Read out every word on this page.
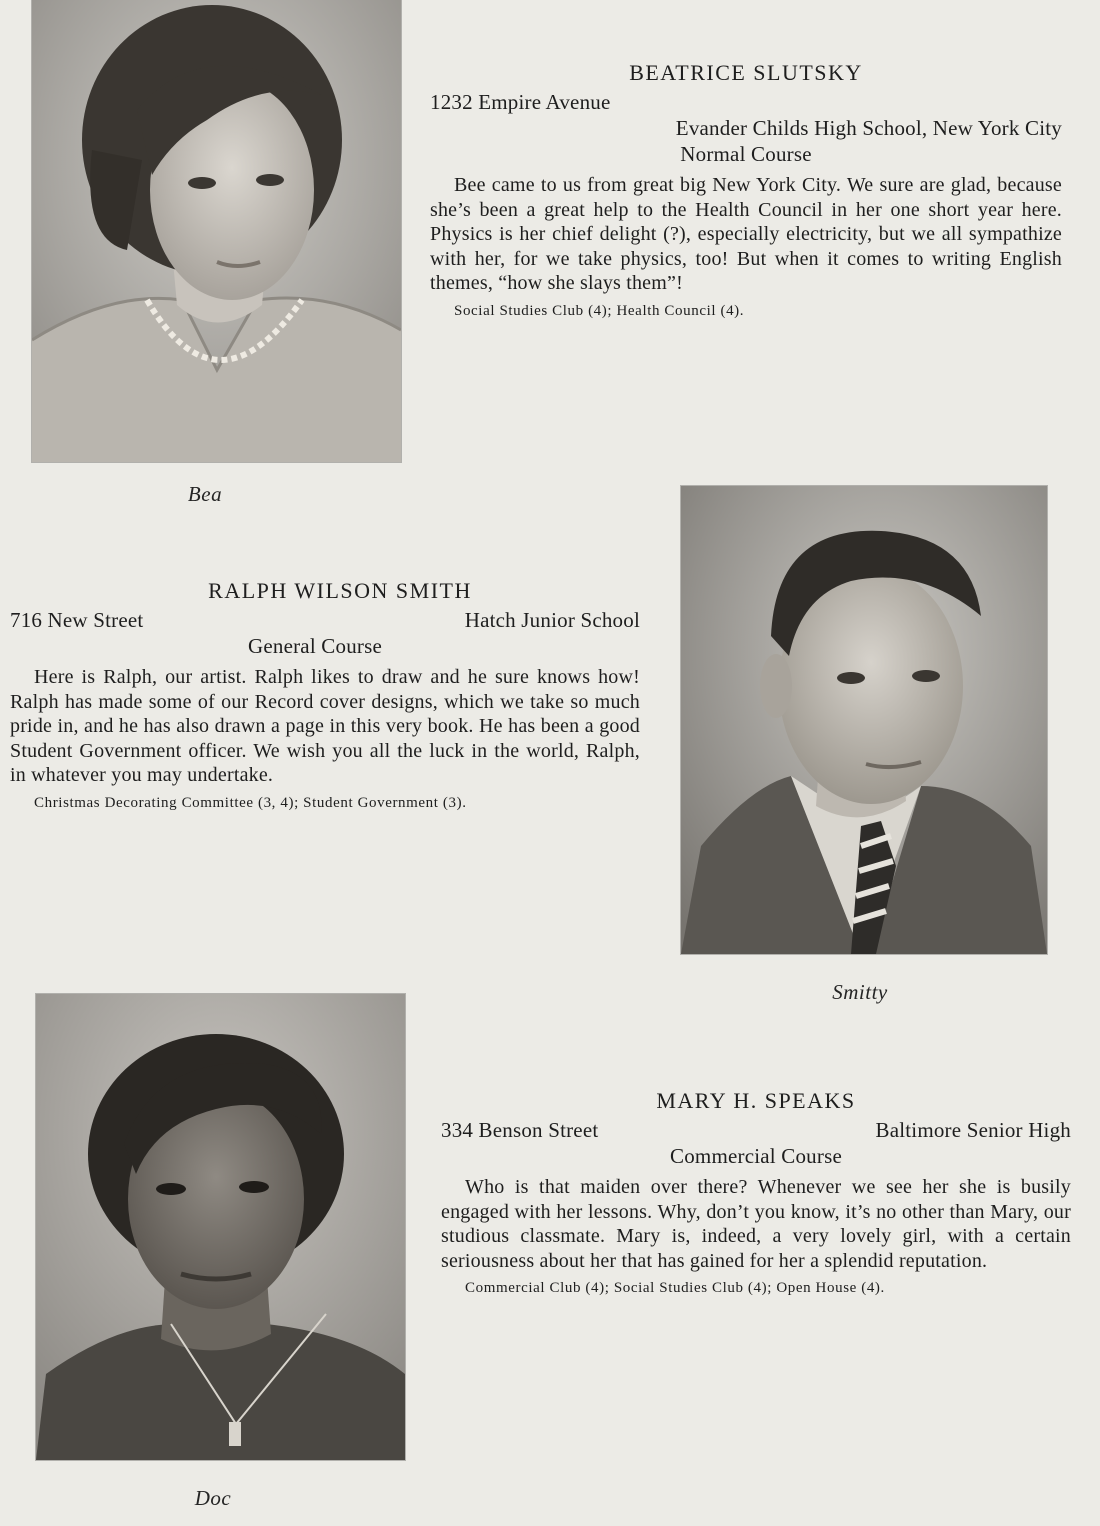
Bea
BEATRICE SLUTSKY
1232 Empire Avenue
Evander Childs High School, New York City
Normal Course

Bee came to us from great big New York City. We sure are glad, because she’s been a great help to the Health Council in her one short year here. Physics is her chief delight (?), especially electricity, but we all sympathize with her, for we take physics, too! But when it comes to writing English themes, “how she slays them”!

Social Studies Club (4); Health Council (4).
RALPH WILSON SMITH
716 New Street	Hatch Junior School
General Course

Here is Ralph, our artist. Ralph likes to draw and he sure knows how! Ralph has made some of our Record cover designs, which we take so much pride in, and he has also drawn a page in this very book. He has been a good Student Government officer. We wish you all the luck in the world, Ralph, in whatever you may undertake.

Christmas Decorating Committee (3, 4); Student Government (3).
Smitty
Doc
MARY H. SPEAKS
334 Benson Street	Baltimore Senior High
Commercial Course

Who is that maiden over there? Whenever we see her she is busily engaged with her lessons. Why, don’t you know, it’s no other than Mary, our studious classmate. Mary is, indeed, a very lovely girl, with a certain seriousness about her that has gained for her a splendid reputation.

Commercial Club (4); Social Studies Club (4); Open House (4).
